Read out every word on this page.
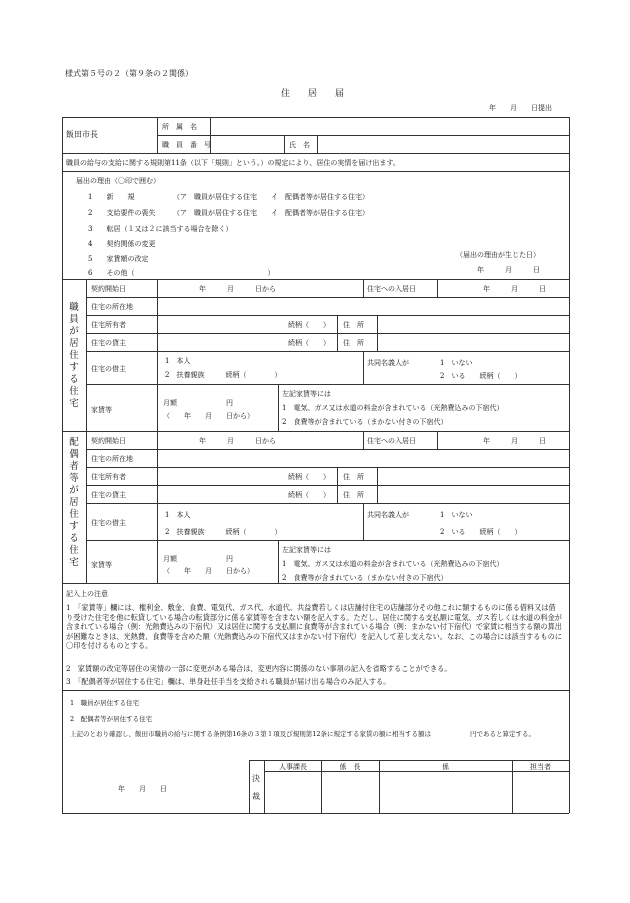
様式第５号の２（第９条の２関係）
住　　居　　届
年　　月　　日提出
飯田市長
所　属　名
職　員　番　号	氏　名
職員の給与の支給に関する規則第11条（以下「規則」という。）の規定により、居住の実情を届け出ます。
届出の理由（〇印で囲む）
1　　新　　規　　　　　　（ア　職員が居住する住宅　　イ　配偶者等が居住する住宅）
2　　支給要件の喪失　　　（ア　職員が居住する住宅　　イ　配偶者等が居住する住宅）
3　　転居（１又は２に該当する場合を除く）
4　　契約関係の変更
5　　家賃額の改定
6　　その他（　　　　　　　　　　　　　　　　　　　）
（届出の理由が生じた日）
年　　　月　　　日
職員が居住する住宅
契約開始日	年　　　月　　　日から	住宅への入居日	年　　　月　　　日
住宅の所在地
住宅所有者	続柄（　　） 住　所
住宅の貸主	続柄（　　） 住　所
住宅の借主
1　本人
2　扶養親族　　　続柄（　　　　）
共同名義人が	1　いない
2　いる　　続柄（　　）
家賃等
月額　　　　　　　円
（　　年　　月　　日から）
左記家賃等には
1　電気、ガス又は水道の料金が含まれている（光熱費込みの下宿代）
2　食費等が含まれている（まかない付きの下宿代）
配偶者等が居住する住宅
契約開始日	年　　　月　　　日から	住宅への入居日	年　　　月　　　日
住宅の所在地
住宅所有者	続柄（　　） 住　所
住宅の貸主	続柄（　　） 住　所
住宅の借主
1　本人
2　扶養親族　　　続柄（　　　　）
共同名義人が	1　いない
2　いる　　続柄（　　）
家賃等
月額　　　　　　　円
（　　年　　月　　日から）
左記家賃等には
1　電気、ガス又は水道の料金が含まれている（光熱費込みの下宿代）
2　食費等が含まれている（まかない付きの下宿代）
記入上の注意
1　「家賃等」欄には、権利金、敷金、食費、電気代、ガス代、水道代、共益費若しくは店舗付住宅の店舗部分その他これに類するものに係る借料又は借り受けた住宅を他に転貸している場合の転貸部分に係る家賃等を含まない額を記入する。ただし、居住に関する支払額に電気、ガス若しくは水道の料金が含まれている場合（例：光熱費込みの下宿代）又は居住に関する支払額に食費等が含まれている場合（例：まかない付下宿代）で家賃に相当する額の算出が困難なときは、光熱費、食費等を含めた額（光熱費込みの下宿代又はまかない付下宿代）を記入して差し支えない。なお、この場合には該当するものに〇印を付けるものとする。
2　家賃額の改定等居住の実情の一部に変更がある場合は、変更内容に関係のない事項の記入を省略することができる。
3　「配偶者等が居住する住宅」欄は、単身赴任手当を支給される職員が届け出る場合のみ記入する。
1　職員が居住する住宅
2　配偶者等が居住する住宅
上記のとおり確認し、飯田市職員の給与に関する条例第16条の３第１項及び規則第12条に規定する家賃の額に相当する額は　　　　　　円であると算定する。
年　　月　　日
決　裁
人事課長	係　長	係	担当者
